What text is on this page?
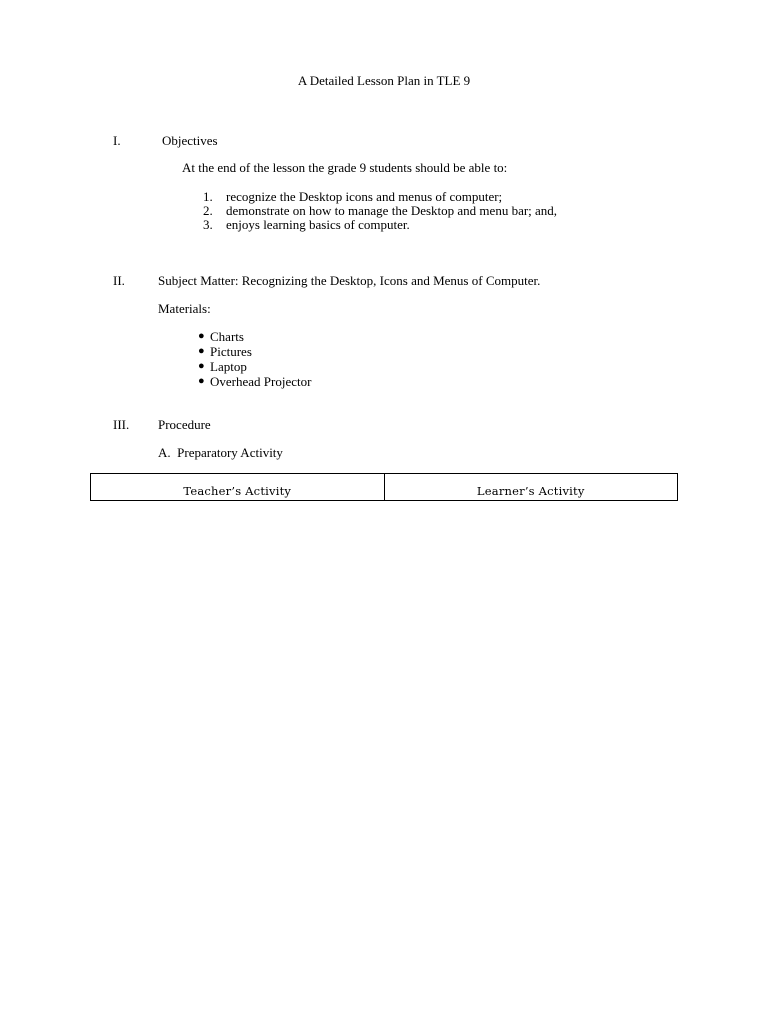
A Detailed Lesson Plan in TLE 9
I.	Objectives
At the end of the lesson the grade 9 students should be able to:
1. recognize the Desktop icons and menus of computer;
2. demonstrate on how to manage the Desktop and menu bar; and,
3. enjoys learning basics of computer.
II.	Subject Matter: Recognizing the Desktop, Icons and Menus of Computer.
Materials:
● Charts
● Pictures
● Laptop
● Overhead Projector
III. Procedure
A.  Preparatory Activity
Teacher’s Activity	Learner’s Activity
